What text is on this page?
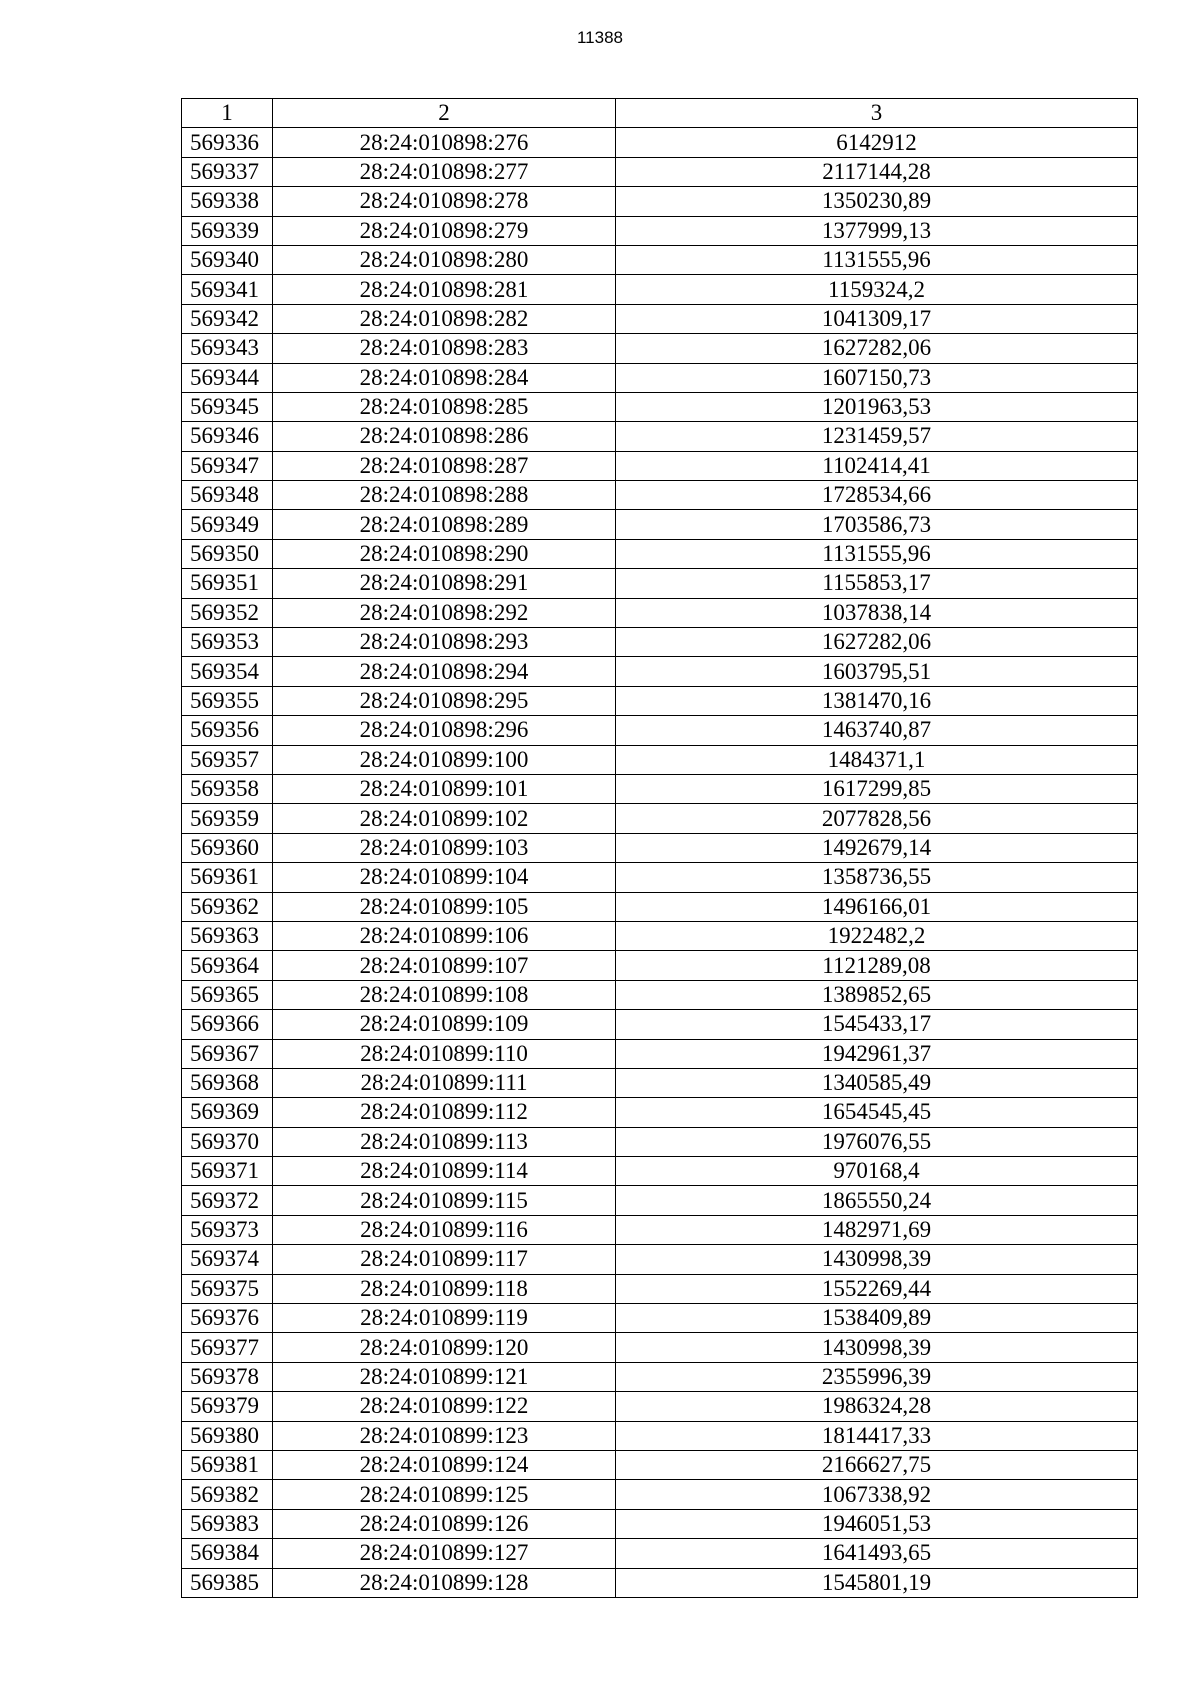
11388
1	2	3
569336	28:24:010898:276	6142912
569337	28:24:010898:277	2117144,28
569338	28:24:010898:278	1350230,89
569339	28:24:010898:279	1377999,13
569340	28:24:010898:280	1131555,96
569341	28:24:010898:281	1159324,2
569342	28:24:010898:282	1041309,17
569343	28:24:010898:283	1627282,06
569344	28:24:010898:284	1607150,73
569345	28:24:010898:285	1201963,53
569346	28:24:010898:286	1231459,57
569347	28:24:010898:287	1102414,41
569348	28:24:010898:288	1728534,66
569349	28:24:010898:289	1703586,73
569350	28:24:010898:290	1131555,96
569351	28:24:010898:291	1155853,17
569352	28:24:010898:292	1037838,14
569353	28:24:010898:293	1627282,06
569354	28:24:010898:294	1603795,51
569355	28:24:010898:295	1381470,16
569356	28:24:010898:296	1463740,87
569357	28:24:010899:100	1484371,1
569358	28:24:010899:101	1617299,85
569359	28:24:010899:102	2077828,56
569360	28:24:010899:103	1492679,14
569361	28:24:010899:104	1358736,55
569362	28:24:010899:105	1496166,01
569363	28:24:010899:106	1922482,2
569364	28:24:010899:107	1121289,08
569365	28:24:010899:108	1389852,65
569366	28:24:010899:109	1545433,17
569367	28:24:010899:110	1942961,37
569368	28:24:010899:111	1340585,49
569369	28:24:010899:112	1654545,45
569370	28:24:010899:113	1976076,55
569371	28:24:010899:114	970168,4
569372	28:24:010899:115	1865550,24
569373	28:24:010899:116	1482971,69
569374	28:24:010899:117	1430998,39
569375	28:24:010899:118	1552269,44
569376	28:24:010899:119	1538409,89
569377	28:24:010899:120	1430998,39
569378	28:24:010899:121	2355996,39
569379	28:24:010899:122	1986324,28
569380	28:24:010899:123	1814417,33
569381	28:24:010899:124	2166627,75
569382	28:24:010899:125	1067338,92
569383	28:24:010899:126	1946051,53
569384	28:24:010899:127	1641493,65
569385	28:24:010899:128	1545801,19
